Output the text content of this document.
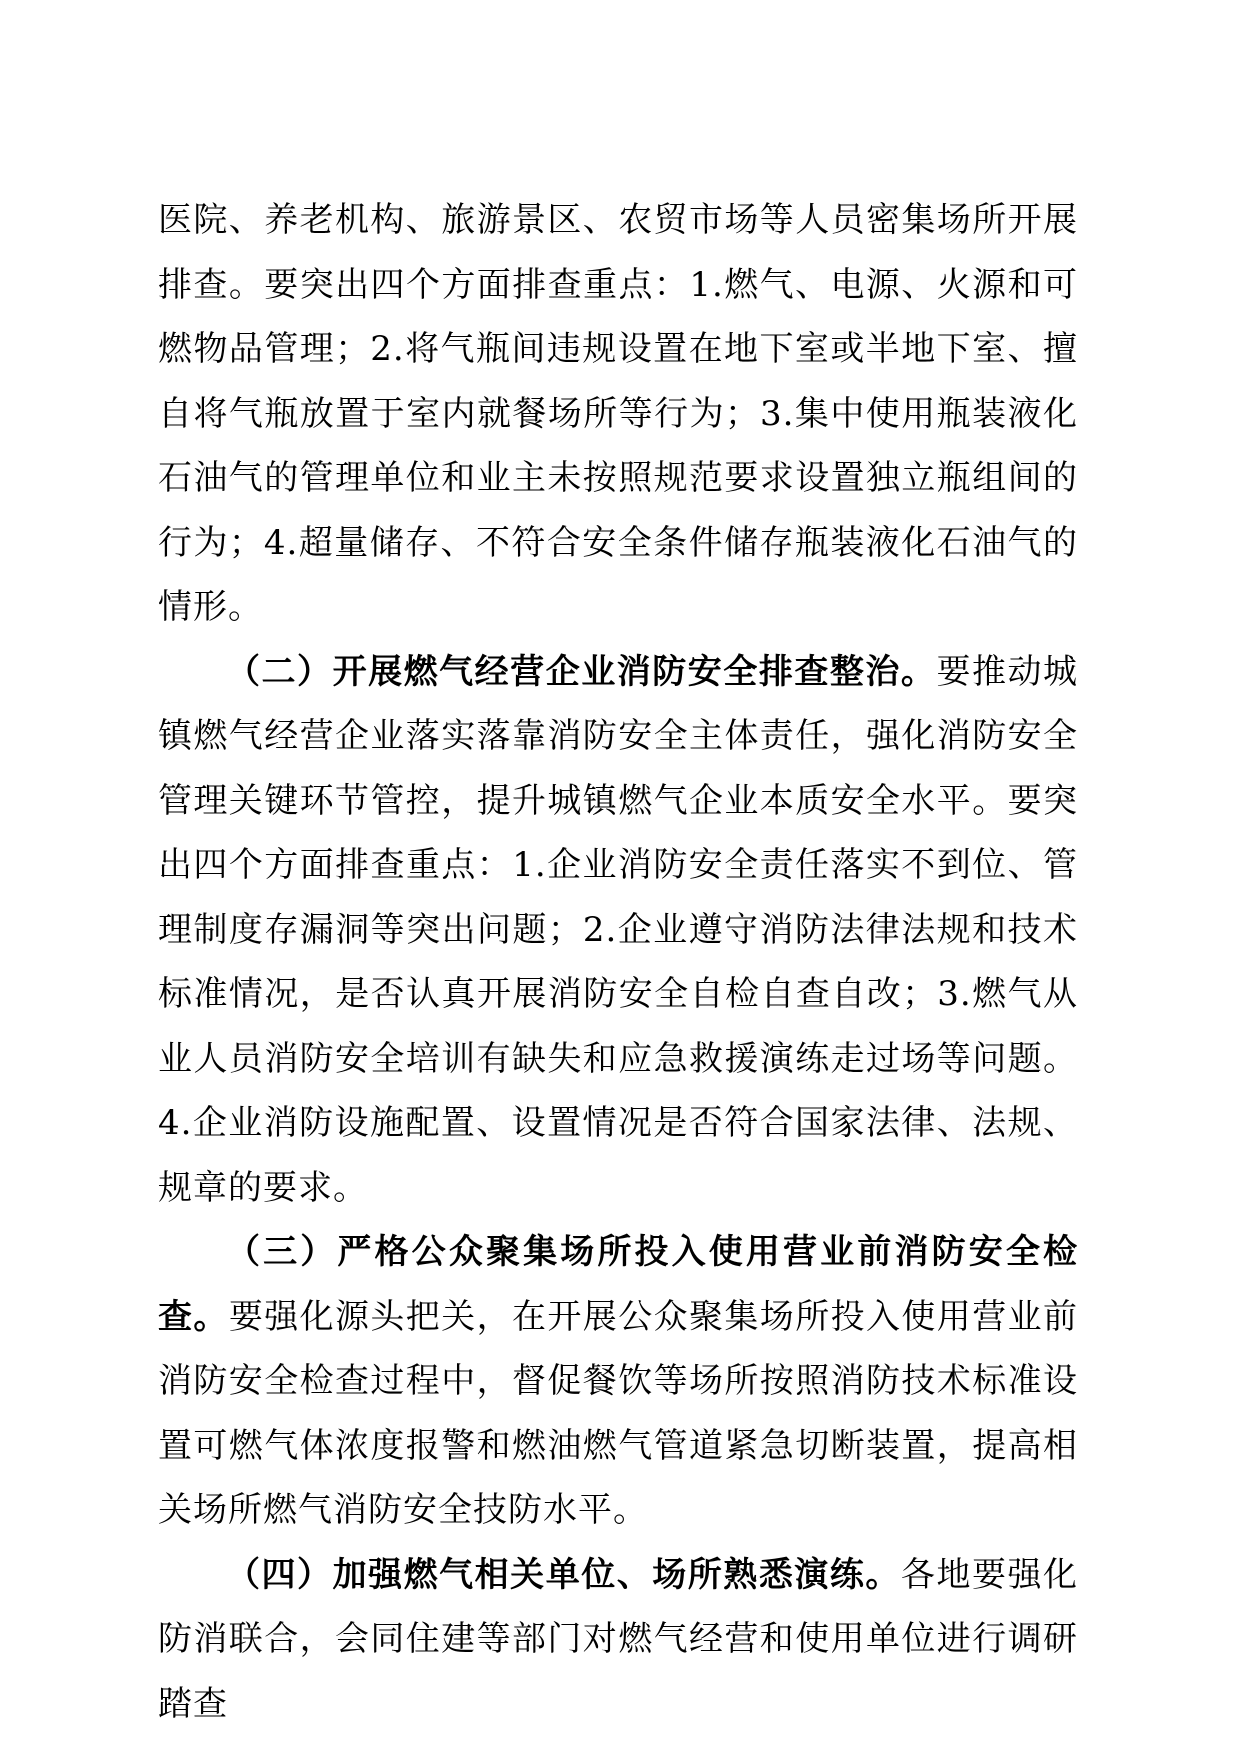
医院、养老机构、旅游景区、农贸市场等人员密集场所开展排查。要突出四个方面排查重点：1.燃气、电源、火源和可燃物品管理；2.将气瓶间违规设置在地下室或半地下室、擅自将气瓶放置于室内就餐场所等行为；3.集中使用瓶装液化石油气的管理单位和业主未按照规范要求设置独立瓶组间的行为；4.超量储存、不符合安全条件储存瓶装液化石油气的情形。

（二）开展燃气经营企业消防安全排查整治。要推动城镇燃气经营企业落实落靠消防安全主体责任，强化消防安全管理关键环节管控，提升城镇燃气企业本质安全水平。要突出四个方面排查重点：1.企业消防安全责任落实不到位、管理制度存漏洞等突出问题；2.企业遵守消防法律法规和技术标准情况，是否认真开展消防安全自检自查自改；3.燃气从业人员消防安全培训有缺失和应急救援演练走过场等问题。4.企业消防设施配置、设置情况是否符合国家法律、法规、规章的要求。

（三）严格公众聚集场所投入使用营业前消防安全检查。要强化源头把关，在开展公众聚集场所投入使用营业前消防安全检查过程中，督促餐饮等场所按照消防技术标准设置可燃气体浓度报警和燃油燃气管道紧急切断装置，提高相关场所燃气消防安全技防水平。

（四）加强燃气相关单位、场所熟悉演练。各地要强化防消联合，会同住建等部门对燃气经营和使用单位进行调研踏查
